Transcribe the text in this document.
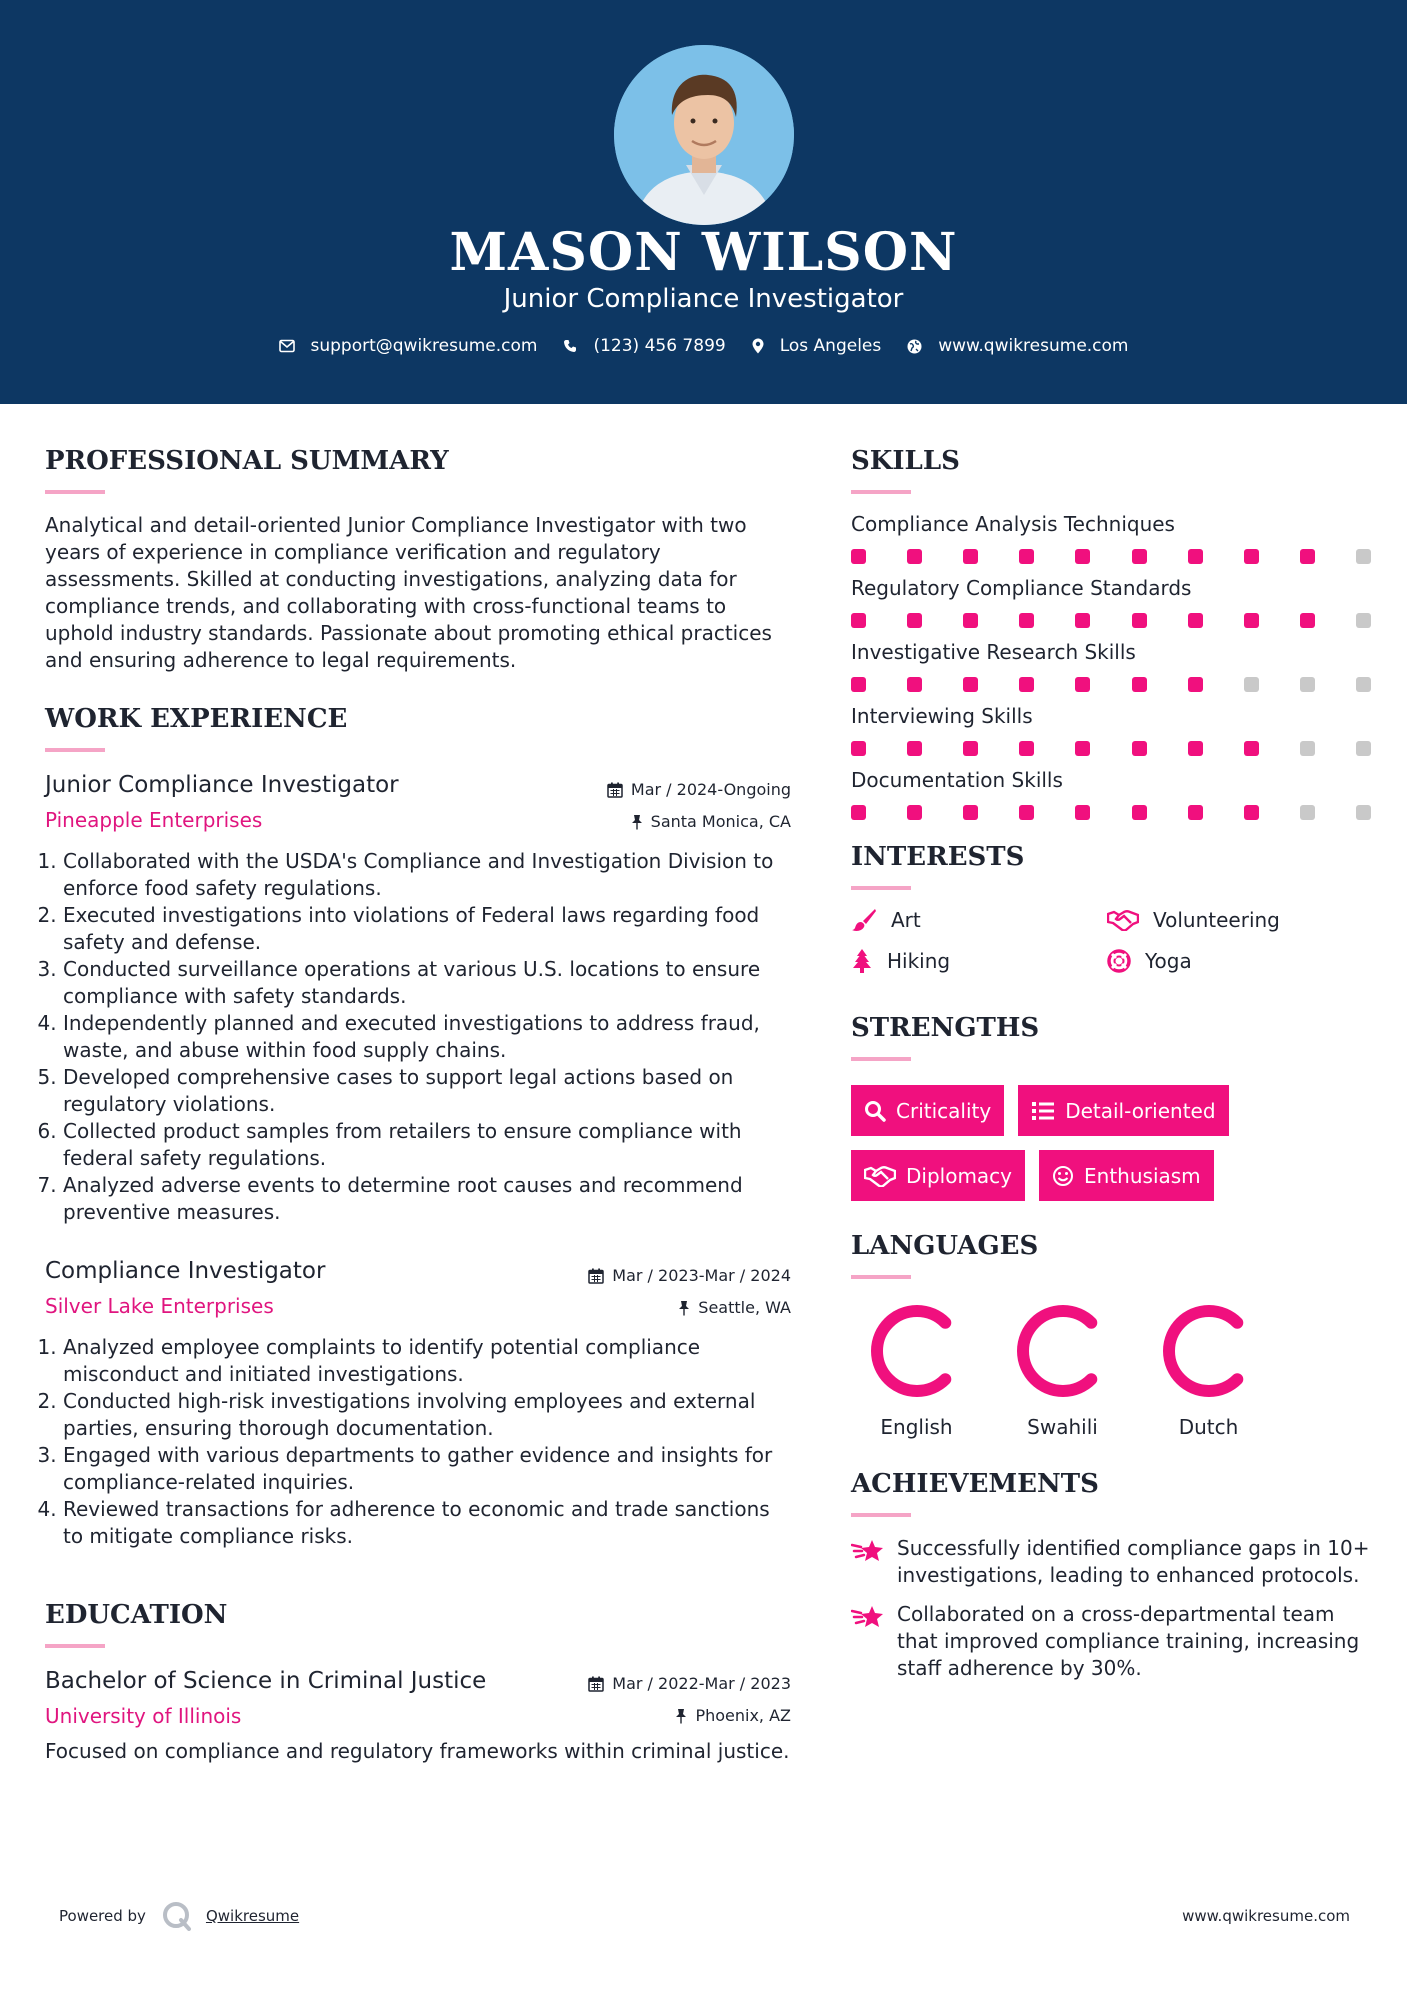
MASON WILSON
Junior Compliance Investigator
support@qwikresume.com	(123) 456 7899	Los Angeles	www.qwikresume.com
PROFESSIONAL SUMMARY
Analytical and detail-oriented Junior Compliance Investigator with two years of experience in compliance verification and regulatory assessments. Skilled at conducting investigations, analyzing data for compliance trends, and collaborating with cross-functional teams to uphold industry standards. Passionate about promoting ethical practices and ensuring adherence to legal requirements.
WORK EXPERIENCE
Junior Compliance Investigator
Pineapple Enterprises
Mar / 2024-Ongoing
Santa Monica, CA
1. Collaborated with the USDA's Compliance and Investigation Division to enforce food safety regulations.
2. Executed investigations into violations of Federal laws regarding food safety and defense.
3. Conducted surveillance operations at various U.S. locations to ensure compliance with safety standards.
4. Independently planned and executed investigations to address fraud, waste, and abuse within food supply chains.
5. Developed comprehensive cases to support legal actions based on regulatory violations.
6. Collected product samples from retailers to ensure compliance with federal safety regulations.
7. Analyzed adverse events to determine root causes and recommend preventive measures.
Compliance Investigator
Silver Lake Enterprises
Mar / 2023-Mar / 2024
Seattle, WA
1. Analyzed employee complaints to identify potential compliance misconduct and initiated investigations.
2. Conducted high-risk investigations involving employees and external parties, ensuring thorough documentation.
3. Engaged with various departments to gather evidence and insights for compliance-related inquiries.
4. Reviewed transactions for adherence to economic and trade sanctions to mitigate compliance risks.
EDUCATION
Bachelor of Science in Criminal Justice
University of Illinois
Mar / 2022-Mar / 2023
Phoenix, AZ
Focused on compliance and regulatory frameworks within criminal justice.
SKILLS
Compliance Analysis Techniques
Regulatory Compliance Standards
Investigative Research Skills
Interviewing Skills
Documentation Skills
INTERESTS
Art	Volunteering
Hiking	Yoga
STRENGTHS
Criticality	Detail-oriented
Diplomacy	Enthusiasm
LANGUAGES
English	Swahili	Dutch
ACHIEVEMENTS
Successfully identified compliance gaps in 10+ investigations, leading to enhanced protocols.
Collaborated on a cross-departmental team that improved compliance training, increasing staff adherence by 30%.
Powered by	Qwikresume	www.qwikresume.com
